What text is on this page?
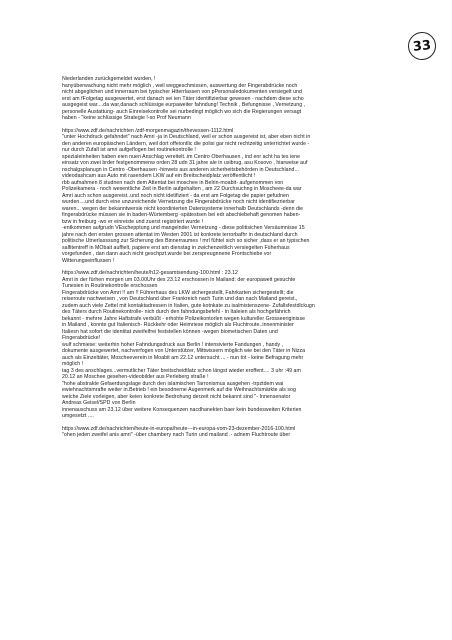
33
Niederlanden zurückgemeldet wurden, !
hanyüberwachung nicht mehr möglich , weil weggeschmissen, auswertung der Fingerabdrücke noch
nicht abgeglichen und innerraum bei typischer Htterrlassen von pPersonaledokumenten versiegelt und
erst am fFolgetag ausgewertet, erst danach sei ien Täter identifizierbar gewesen - nachdem diese scho
ausgegeist war....da war,danach schlüssige eurpaweiter fahndung! Technik , Befungnisse , Vernetzung ,
personelle Austattung- auch Einreisekontrolle sei nurbedingt möglich wo sich die Regierungen versagt
haben - "keine schlüssige Strategie !-so Prof Neumann
https://www.zdf.de/nachrichten /zdf-morgenmagazin/thevessen-1112.html
"unter Hochdruck gefahndet" nach Amri -ja in Deutschland, weil er schon ausgereist ist, aber eben nicht in
den anderen europäischen Ländern, weil dort offeiontlic die polisi gar nicht rechtzeitig unterrichtet wurde -
nur durch Zufall ist amri aufgeflogen bei routinekontrolle !
spezialeinheiten haben eien nuen Anschlag vereitelt..im Centro Oberhausen , ind enr acht ha tes iene
einsatz von zwei brder festgenommenw orden 28 udn 31 jahre ale in usibrug, asu Kosovo , hiarweise auf
nschalgsplanugn in Centro -Oberhausen -hinweis aus anderen sicherheitsbehörden in Deutschland...
videodashcam aus Auto mit rasendem LKW auf ein Breitscheidplatz veröffentlicht !
rbb aufnahmen 8 studnen nach dem Attentat bei moschee in Belrin-moabit- aufgenommen von
Polizeikamera - noch wesentliche Zeit in Berlin aufgehalten , am 22 Durchsuchng in Moscheee-da war
Amri auch schon ausgereist..und noch nicht idetifiziert - da erst am Folgetag die papier gefudnen
wurden....und durch eine unzureichende Vernetzung die Fingerabdrücke noch nicht identifiezrierbar
waren... wegen der bekanntwersie nicht koordinierten Datensysteme innerhalb Deutschlands -denn die
fingerabdrücke müssen sie in baden-Würtemberg -spätestsen bei edr abschiebehaft genomen haben-
bzw in freiburg -wo er einreiste und zuerst registriert wurde !
-entkommen aufgrudn VEschepptung und mangelnder Vernetzung - diese politisichen Versäumnisse 15
jahre nach den ersten grossen attentat im Westen 2001 ist konkrete terrorbafhr in deutschland durch
politische Utnerlasssung zur Sicherung des Binnerraumes ! mrl fühtel sich so sicher ,dass er an typischen
salfitentreff in MObait auffielt, papiere erst am dienstag in zwichenzeitlich versiegelten Füherhaus
vorgefunden , dan dann auch nicht geschpzt.wurde bei zerspreugnnene Frontschiebe vor
Witterungseinflussen !
https://www.zdf.de/nachrichten/heute/h12-gesamtsendung-100.html : 23.12
Amri in der fürhen morgen um 03.00Uhr des 23.12 erschossen in Mailand: der europaweit gesuchte
Tunesien in Routinekontrolle erschossen
Fingerabdrücke von Amri !! am !! Führerhaus des LKW sichergestellt, Fahrkarten sichergestellt; die
reiseroute nachweisen , von Deutschland über Frankreich nach Turin und dan nach Mailand gereist.,
zudem auch viele Zettel mit kontaktadressen in Italien, gute kotnkate zu isalmistenszene- Zufallsfestdlckugn
des Täters durch Routinekontrolle- nich durch den fahndungsbefehl - in Italeien als hochgefährich
bekannt - mehrre Jahre Haftstrafe verbüßt - erhohte Polizeikontorlen wegen kultureller Grosseeriginisse
in Mailand , konnte gut Italienisch- Rückkehr oder Heimriese möglich als Fluchtroute..innenminister
Italiesn hat sofort die identitat zweifelfrei feststellen können -wegen biometischen Daten und
Fingerabdrücke!
wulf schmiese: weiterhin hoher Fahndungsdruck aus Berlin ! intensivierte Fandungen , handy ,
dokumente ausgewertet, nachverfogen von Unterstützer, Mittwissern möglich wie bei den Täter in Nizza
auch als Einzeltäter, Moscheeverein in Moabit am 22.12 untersucht ... - nun tot - keine Befragung mehr
möglich !
tag 3 des anschlages...vermutlicher Täter breitscheidtlatz schon längst wieder eroffent.... 3 uhr :49 am
20.12 an Moschee gesehen-videobilder aus Perleberg straße !
"hohe abstrakte Gefaerdungslage durch den islamischen Tarronismus ausgehen -trpztdem wai
ewiehnachtsmrafte weiter in.Betrieb ! ein besodnerne Augenmerk auf die Weihnachtsmärkte als sog
weiche Ziele vorleigen, aber keien konkrete Bedrohung derzeit nicht bekannt sind "- Innensenator
Andreas Geisel/SPD von Berlin
innenauschuss am 23.12 über weitere Konsequenzen nacdhanekten baer kein bundesweiten Kriterien
umgesetzt ....
https://www.zdf.de/nachrichten/heute-in-europa/heute---in-europa-vom-23-dezember-2016-100.html
"ohen jeden zweifel anis amri" -über chambery nach Turin und mailand .- adnem Fluchtroute über
